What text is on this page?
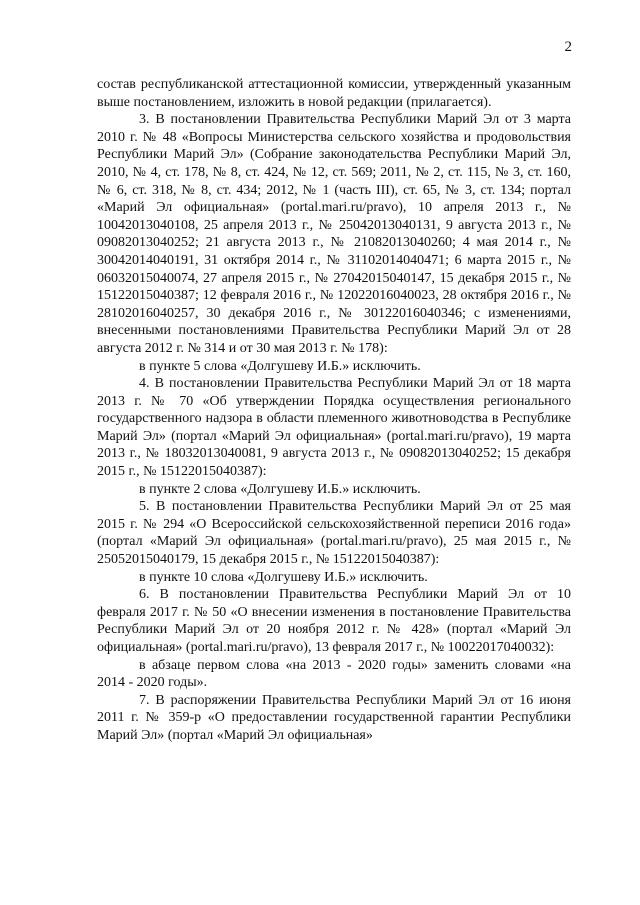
2

состав республиканской аттестационной комиссии, утвержденный указанным выше постановлением, изложить в новой редакции (прилагается).

3. В постановлении Правительства Республики Марий Эл от 3 марта 2010 г. № 48 «Вопросы Министерства сельского хозяйства и продовольствия Республики Марий Эл» (Собрание законодательства Республики Марий Эл, 2010, № 4, ст. 178, № 8, ст. 424, № 12, ст. 569; 2011, № 2, ст. 115, № 3, ст. 160, № 6, ст. 318, № 8, ст. 434; 2012, № 1 (часть III), ст. 65, № 3, ст. 134; портал «Марий Эл официальная» (portal.mari.ru/pravo), 10 апреля 2013 г., № 10042013040108, 25 апреля 2013 г., № 25042013040131, 9 августа 2013 г., № 09082013040252; 21 августа 2013 г., № 21082013040260; 4 мая 2014 г., № 30042014040191, 31 октября 2014 г., № 31102014040471; 6 марта 2015 г., № 06032015040074, 27 апреля 2015 г., № 27042015040147, 15 декабря 2015 г., № 15122015040387; 12 февраля 2016 г., № 12022016040023, 28 октября 2016 г., № 28102016040257, 30 декабря 2016 г., № 30122016040346; с изменениями, внесенными постановлениями Правительства Республики Марий Эл от 28 августа 2012 г. № 314 и от 30 мая 2013 г. № 178):

в пункте 5 слова «Долгушеву И.Б.» исключить.

4. В постановлении Правительства Республики Марий Эл от 18 марта 2013 г. № 70 «Об утверждении Порядка осуществления регионального государственного надзора в области племенного животноводства в Республике Марий Эл» (портал «Марий Эл официальная» (portal.mari.ru/pravo), 19 марта 2013 г., № 18032013040081, 9 августа 2013 г., № 09082013040252; 15 декабря 2015 г., № 15122015040387):

в пункте 2 слова «Долгушеву И.Б.» исключить.

5. В постановлении Правительства Республики Марий Эл от 25 мая 2015 г. № 294 «О Всероссийской сельскохозяйственной переписи 2016 года» (портал «Марий Эл официальная» (portal.mari.ru/pravo), 25 мая 2015 г., № 25052015040179, 15 декабря 2015 г., № 15122015040387):

в пункте 10 слова «Долгушеву И.Б.» исключить.

6. В постановлении Правительства Республики Марий Эл от 10 февраля 2017 г. № 50 «О внесении изменения в постановление Правительства Республики Марий Эл от 20 ноября 2012 г. № 428» (портал «Марий Эл официальная» (portal.mari.ru/pravo), 13 февраля 2017 г., № 10022017040032):

в абзаце первом слова «на 2013 - 2020 годы» заменить словами «на 2014 - 2020 годы».

7. В распоряжении Правительства Республики Марий Эл от 16 июня 2011 г. № 359-р «О предоставлении государственной гарантии Республики Марий Эл» (портал «Марий Эл официальная»
